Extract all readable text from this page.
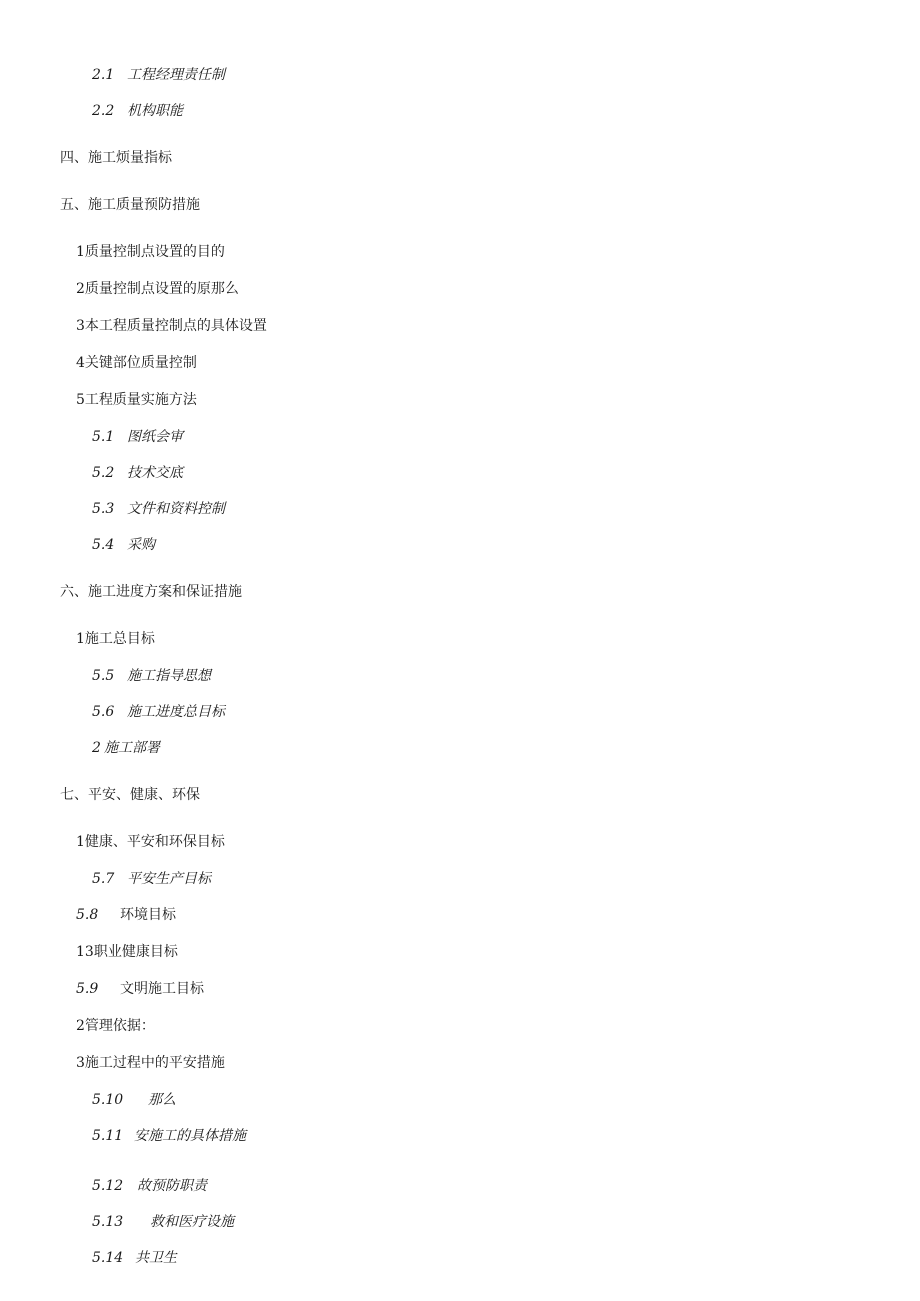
2.1 工程经理责任制
2.2 机构职能
四、施工烦量指标
五、施工质量预防措施
1质量控制点设置的目的
2质量控制点设置的原那么
3本工程质量控制点的具体设置
4关键部位质量控制
5工程质量实施方法
5.1 图纸会审
5.2 技术交底
5.3 文件和资料控制
5.4 采购
六、施工进度方案和保证措施
1施工总目标
5.5 施工指导思想
5.6 施工进度总目标
2 施工部署
七、平安、健康、环保
1健康、平安和环保目标
5.7 平安生产目标
5.8 环境目标
13职业健康目标
5.9 文明施工目标
2管理依据：
3施工过程中的平安措施
5.10 那么
5.11 安施工的具体措施
5.12 故预防职责
5.13 救和医疗设施
5.14 共卫生
